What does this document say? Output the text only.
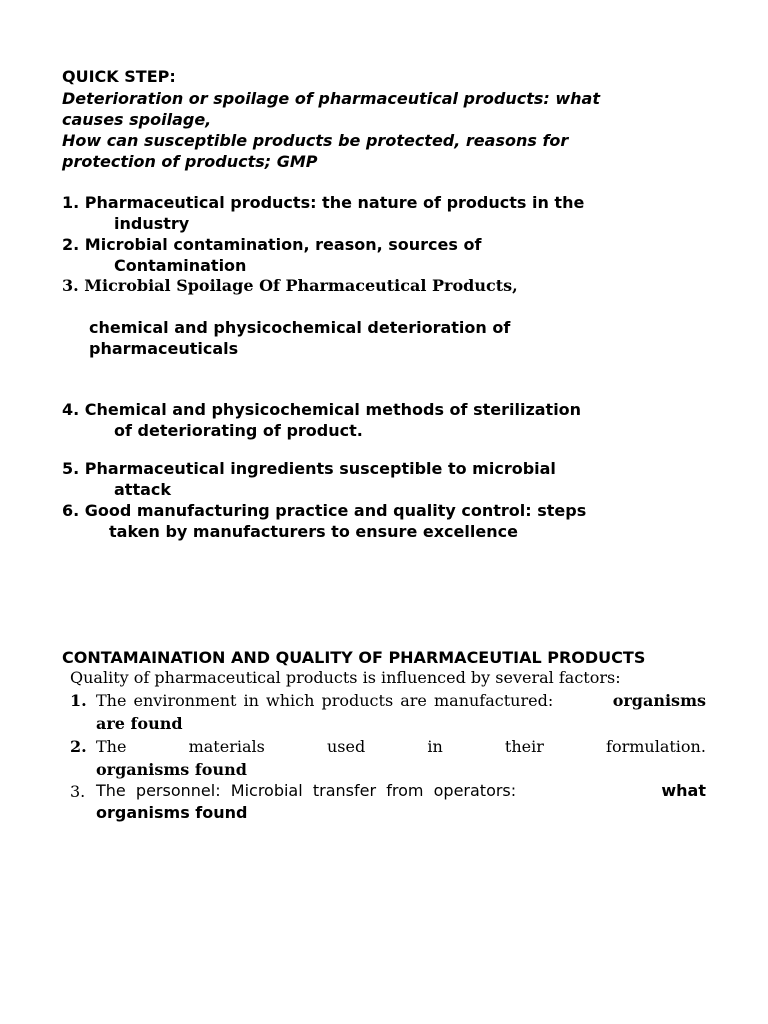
QUICK STEP:
Deterioration or spoilage of pharmaceutical products: what
causes spoilage,
How can susceptible products be protected, reasons for
protection of products; GMP
1. Pharmaceutical products: the nature of products in the
industry
2. Microbial contamination, reason, sources of
Contamination
3. Microbial Spoilage Of Pharmaceutical Products,
chemical and physicochemical deterioration of
pharmaceuticals
4. Chemical and physicochemical methods of sterilization
of deteriorating of product.
5. Pharmaceutical ingredients susceptible to microbial
attack
6. Good manufacturing practice and quality control: steps
taken by manufacturers to ensure excellence
CONTAMAINATION AND QUALITY OF PHARMACEUTIAL PRODUCTS
Quality of pharmaceutical products is influenced by several factors:
1. The environment in which products are manufactured:	organisms
are found
2. The	materials	used	in	their	formulation.
organisms found
3. The  personnel:  Microbial  transfer  from  operators:	what
organisms found
